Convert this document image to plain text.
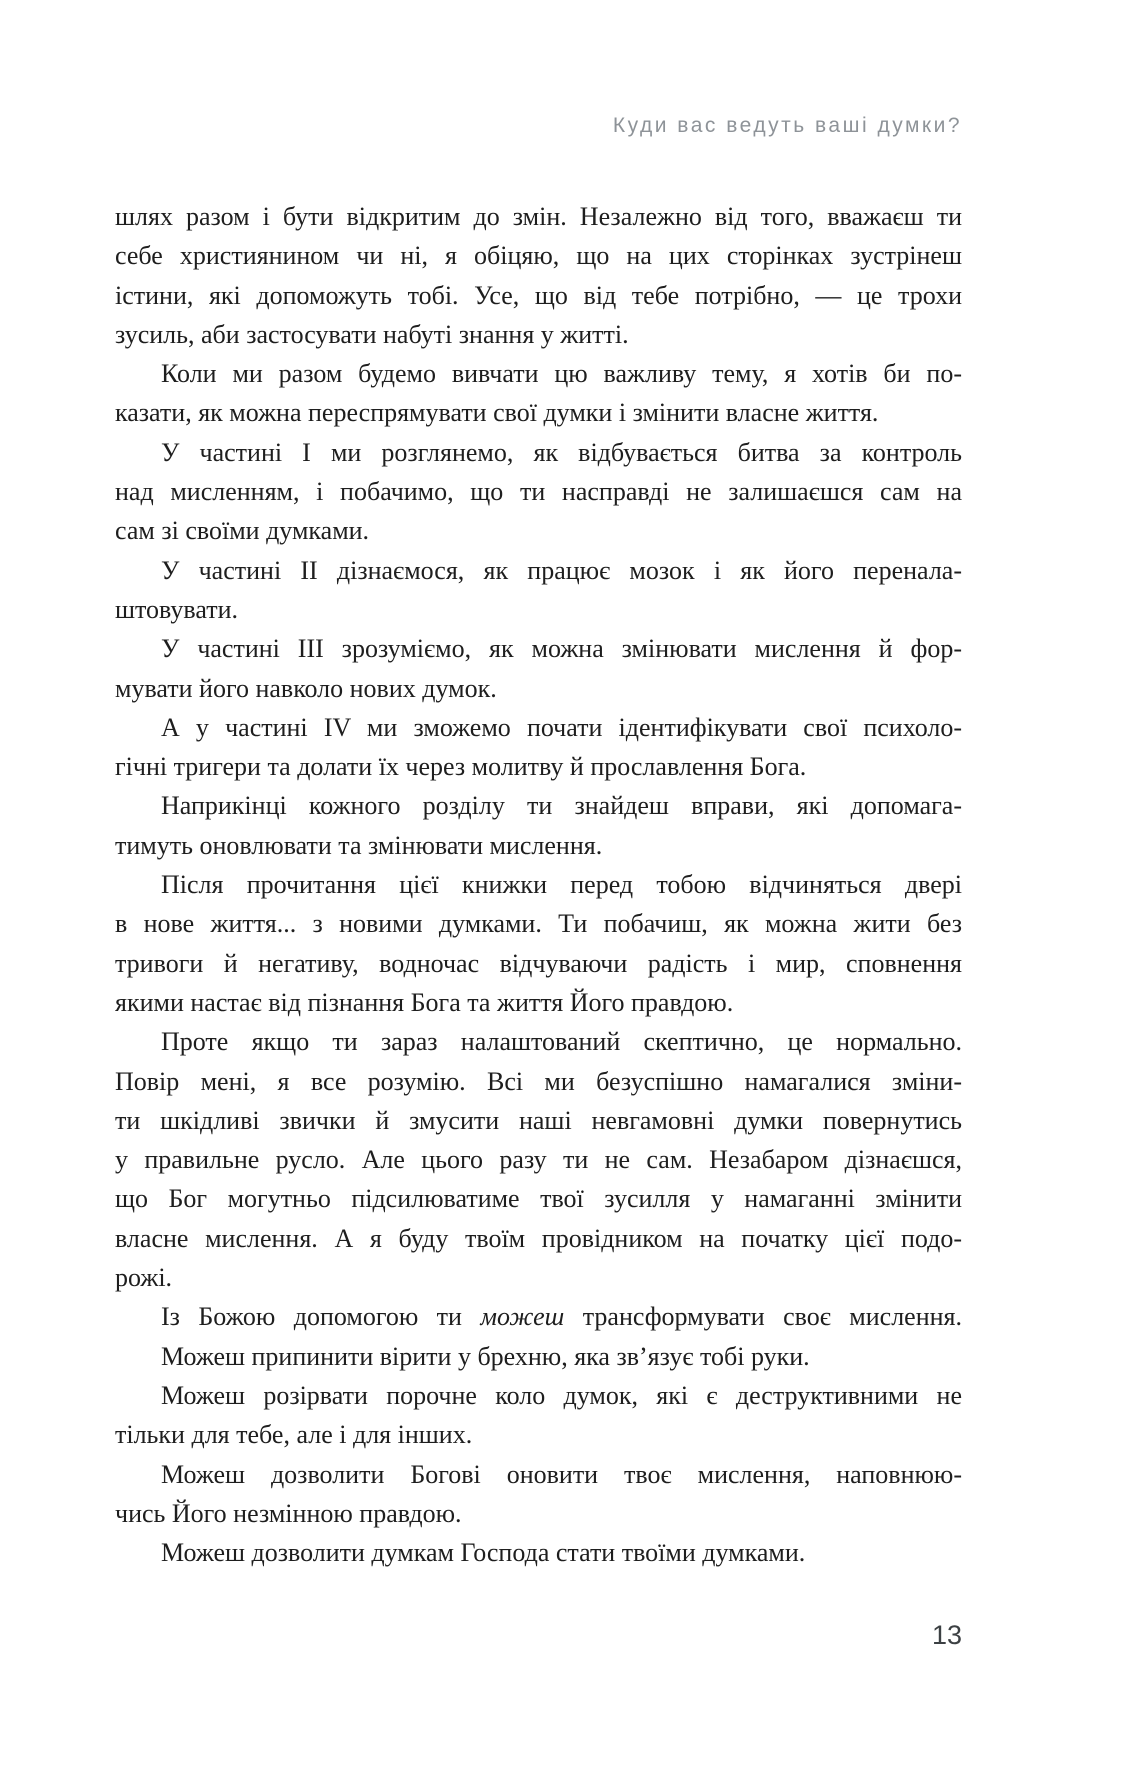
Куди вас ведуть ваші думки?
шлях разом і бути відкритим до змін. Незалежно від того, вважаєш ти
себе християнином чи ні, я обіцяю, що на цих сторінках зустрінеш
істини, які допоможуть тобі. Усе, що від тебе потрібно, — це трохи
зусиль, аби застосувати набуті знання у житті.
Коли ми разом будемо вивчати цю важливу тему, я хотів би по-
казати, як можна переспрямувати свої думки і змінити власне життя.
У частині I ми розглянемо, як відбувається битва за контроль
над мисленням, і побачимо, що ти насправді не залишаєшся сам на
сам зі своїми думками.
У частині II дізнаємося, як працює мозок і як його перенала-
штовувати.
У частині III зрозуміємо, як можна змінювати мислення й фор-
мувати його навколо нових думок.
А у частині IV ми зможемо почати ідентифікувати свої психоло-
гічні тригери та долати їх через молитву й прославлення Бога.
Наприкінці кожного розділу ти знайдеш вправи, які допомага-
тимуть оновлювати та змінювати мислення.
Після прочитання цієї книжки перед тобою відчиняться двері
в нове життя... з новими думками. Ти побачиш, як можна жити без
тривоги й негативу, водночас відчуваючи радість і мир, сповнення
якими настає від пізнання Бога та життя Його правдою.
Проте якщо ти зараз налаштований скептично, це нормально.
Повір мені, я все розумію. Всі ми безуспішно намагалися зміни-
ти шкідливі звички й змусити наші невгамовні думки повернутись
у правильне русло. Але цього разу ти не сам. Незабаром дізнаєшся,
що Бог могутньо підсилюватиме твої зусилля у намаганні змінити
власне мислення. А я буду твоїм провідником на початку цієї подо-
рожі.
Із Божою допомогою ти можеш трансформувати своє мислення.
Можеш припинити вірити у брехню, яка зв’язує тобі руки.
Можеш розірвати порочне коло думок, які є деструктивними не
тільки для тебе, але і для інших.
Можеш дозволити Богові оновити твоє мислення, наповнюю-
чись Його незмінною правдою.
Можеш дозволити думкам Господа стати твоїми думками.
13
